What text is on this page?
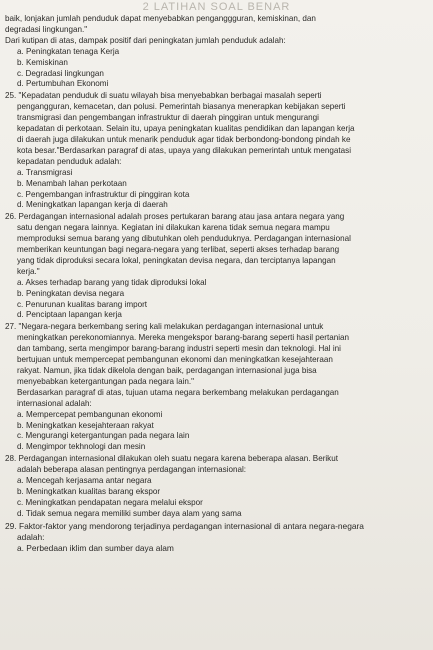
2 LATIHAN SOAL BENAR
baik, lonjakan jumlah penduduk dapat menyebabkan penganggguran, kemiskinan, dan
degradasi lingkungan."
Dari kutipan di atas, dampak positif dari peningkatan jumlah penduduk adalah:
a. Peningkatan tenaga Kerja
b. Kemiskinan
c. Degradasi lingkungan
d. Pertumbuhan Ekonomi
25. "Kepadatan penduduk di suatu wilayah bisa menyebabkan berbagai masalah seperti
pengangguran, kemacetan, dan polusi. Pemerintah biasanya menerapkan kebijakan seperti
transmigrasi dan pengembangan infrastruktur di daerah pinggiran untuk mengurangi
kepadatan di perkotaan. Selain itu, upaya peningkatan kualitas pendidikan dan lapangan kerja
di daerah juga dilakukan untuk menarik penduduk agar tidak berbondong-bondong pindah ke
kota besar."Berdasarkan paragraf di atas, upaya yang dilakukan pemerintah untuk mengatasi
kepadatan penduduk adalah:
a. Transmigrasi
b. Menambah lahan perkotaan
c. Pengembangan infrastruktur di pinggiran kota
d. Meningkatkan lapangan kerja di daerah
26. Perdagangan internasional adalah proses pertukaran barang atau jasa antara negara yang
satu dengan negara lainnya. Kegiatan ini dilakukan karena tidak semua negara mampu
memproduksi semua barang yang dibutuhkan oleh penduduknya. Perdagangan internasional
memberikan keuntungan bagi negara-negara yang terlibat, seperti akses terhadap barang
yang tidak diproduksi secara lokal, peningkatan devisa negara, dan terciptanya lapangan
kerja."
a. Akses terhadap barang yang tidak diproduksi lokal
b. Peningkatan devisa negara
c. Penurunan kualitas barang import
d. Penciptaan lapangan kerja
27. "Negara-negara berkembang sering kali melakukan perdagangan internasional untuk
meningkatkan perekonomiannya. Mereka mengekspor barang-barang seperti hasil pertanian
dan tambang, serta mengimpor barang-barang industri seperti mesin dan teknologi. Hal ini
bertujuan untuk mempercepat pembangunan ekonomi dan meningkatkan kesejahteraan
rakyat. Namun, jika tidak dikelola dengan baik, perdagangan internasional juga bisa
menyebabkan ketergantungan pada negara lain."
Berdasarkan paragraf di atas, tujuan utama negara berkembang melakukan perdagangan
internasional adalah:
a. Mempercepat pembangunan ekonomi
b. Meningkatkan kesejahteraan rakyat
c. Mengurangi ketergantungan pada negara lain
d. Mengimpor tekhnologi dan mesin
28. Perdagangan internasional dilakukan oleh suatu negara karena beberapa alasan. Berikut
adalah beberapa alasan pentingnya perdagangan internasional:
a. Mencegah kerjasama antar negara
b. Meningkatkan kualitas barang ekspor
c. Meningkatkan pendapatan negara melalui ekspor
d. Tidak semua negara memiliki sumber daya alam yang sama
29. Faktor-faktor yang mendorong terjadinya perdagangan internasional di antara negara-negara
adalah:
a. Perbedaan iklim dan sumber daya alam
